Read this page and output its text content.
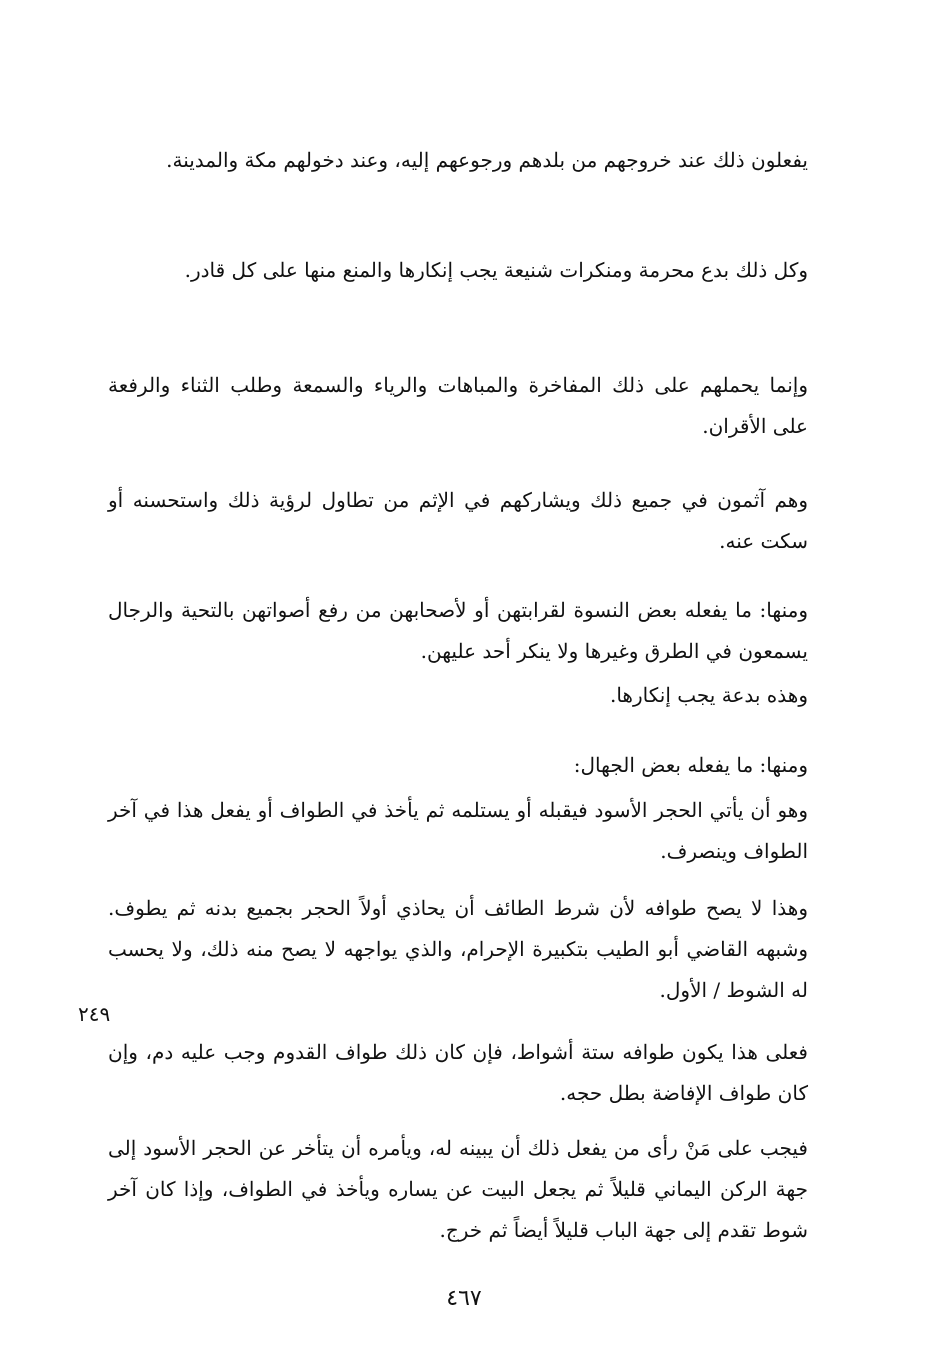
يفعلون ذلك عند خروجهم من بلدهم ورجوعهم إليه، وعند دخولهم مكة والمدينة.

وكل ذلك بدع محرمة ومنكرات شنيعة يجب إنكارها والمنع منها على كل قادر.

وإنما يحملهم على ذلك المفاخرة والمباهات والرياء والسمعة وطلب الثناء والرفعة على الأقران.

وهم آثمون في جميع ذلك ويشاركهم في الإثم من تطاول لرؤية ذلك واستحسنه أو سكت عنه.

ومنها: ما يفعله بعض النسوة لقرابتهن أو لأصحابهن من رفع أصواتهن بالتحية والرجال يسمعون في الطرق وغيرها ولا ينكر أحد عليهن.

وهذه بدعة يجب إنكارها.

ومنها: ما يفعله بعض الجهال:

وهو أن يأتي الحجر الأسود فيقبله أو يستلمه ثم يأخذ في الطواف أو يفعل هذا في آخر الطواف وينصرف.

وهذا لا يصح طوافه لأن شرط الطائف أن يحاذي أولاً الحجر بجميع بدنه ثم يطوف. وشبهه القاضي أبو الطيب بتكبيرة الإحرام، والذي يواجهه لا يصح منه ذلك، ولا يحسب له الشوط / الأول.

فعلى هذا يكون طوافه ستة أشواط، فإن كان ذلك طواف القدوم وجب عليه دم، وإن كان طواف الإفاضة بطل حجه.

فيجب على مَنْ رأى من يفعل ذلك أن يبينه له، ويأمره أن يتأخر عن الحجر الأسود إلى جهة الركن اليماني قليلاً ثم يجعل البيت عن يساره ويأخذ في الطواف، وإذا كان آخر شوط تقدم إلى جهة الباب قليلاً أيضاً ثم خرج.

٢٤٩
٤٦٧
